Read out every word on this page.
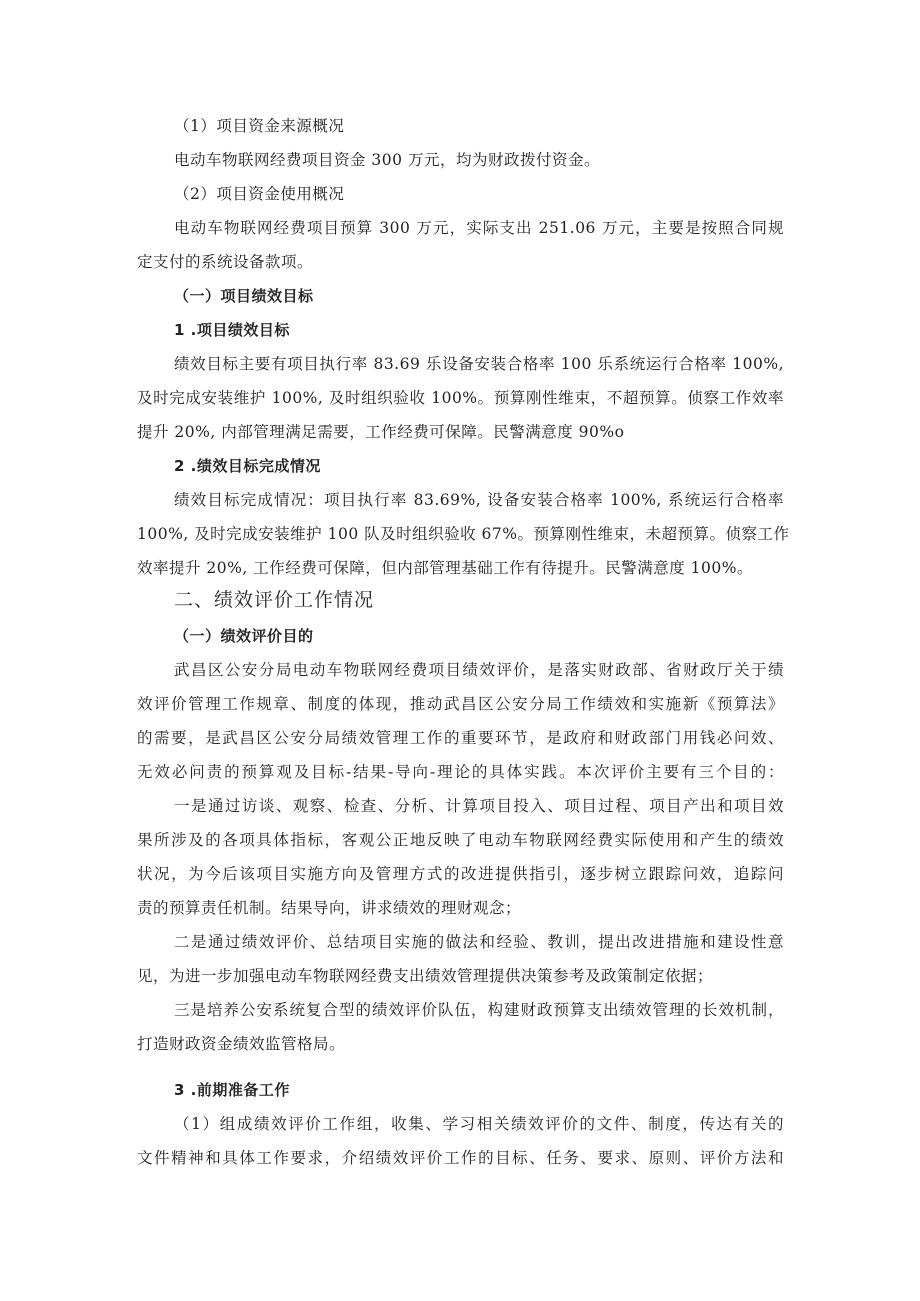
（1）项目资金来源概况
电动车物联网经费项目资金 300 万元，均为财政拨付资金。
（2）项目资金使用概况
电动车物联网经费项目预算 300 万元，实际支出 251.06 万元，主要是按照合同规
定支付的系统设备款项。
（一）项目绩效目标
1 .项目绩效目标
绩效目标主要有项目执行率 83.69 乐设备安装合格率 100 乐系统运行合格率 100%,
及时完成安装维护 100%, 及时组织验收 100%。预算刚性维束，不超预算。侦察工作效率
提升 20%, 内部管理满足需要，工作经费可保障。民警满意度 90%o
2 .绩效目标完成情况
绩效目标完成情况：项目执行率 83.69%, 设备安装合格率 100%, 系统运行合格率
100%, 及时完成安装维护 100 队及时组织验收 67%。预算刚性维束，未超预算。侦察工作
效率提升 20%, 工作经费可保障，但内部管理基础工作有待提升。民警满意度 100%。
二、绩效评价工作情况
（一）绩效评价目的
武昌区公安分局电动车物联网经费项目绩效评价，是落实财政部、省财政厅关于绩
效评价管理工作规章、制度的体现，推动武昌区公安分局工作绩效和实施新《预算法》
的需要，是武昌区公安分局绩效管理工作的重要环节，是政府和财政部门用钱必问效、
无效必问责的预算观及目标-结果-导向-理论的具体实践。本次评价主要有三个目的：
一是通过访谈、观察、检查、分析、计算项目投入、项目过程、项目产出和项目效
果所涉及的各项具体指标，客观公正地反映了电动车物联网经费实际使用和产生的绩效
状况，为今后该项目实施方向及管理方式的改进提供指引，逐步树立跟踪问效，追踪问
责的预算责任机制。结果导向，讲求绩效的理财观念；
二是通过绩效评价、总结项目实施的做法和经验、教训，提出改进措施和建设性意
见，为进一步加强电动车物联网经费支出绩效管理提供决策参考及政策制定依据；
三是培养公安系统复合型的绩效评价队伍，构建财政预算支出绩效管理的长效机制，
打造财政资金绩效监管格局。
3 .前期准备工作
（1）组成绩效评价工作组，收集、学习相关绩效评价的文件、制度，传达有关的
文件精神和具体工作要求，介绍绩效评价工作的目标、任务、要求、原则、评价方法和
